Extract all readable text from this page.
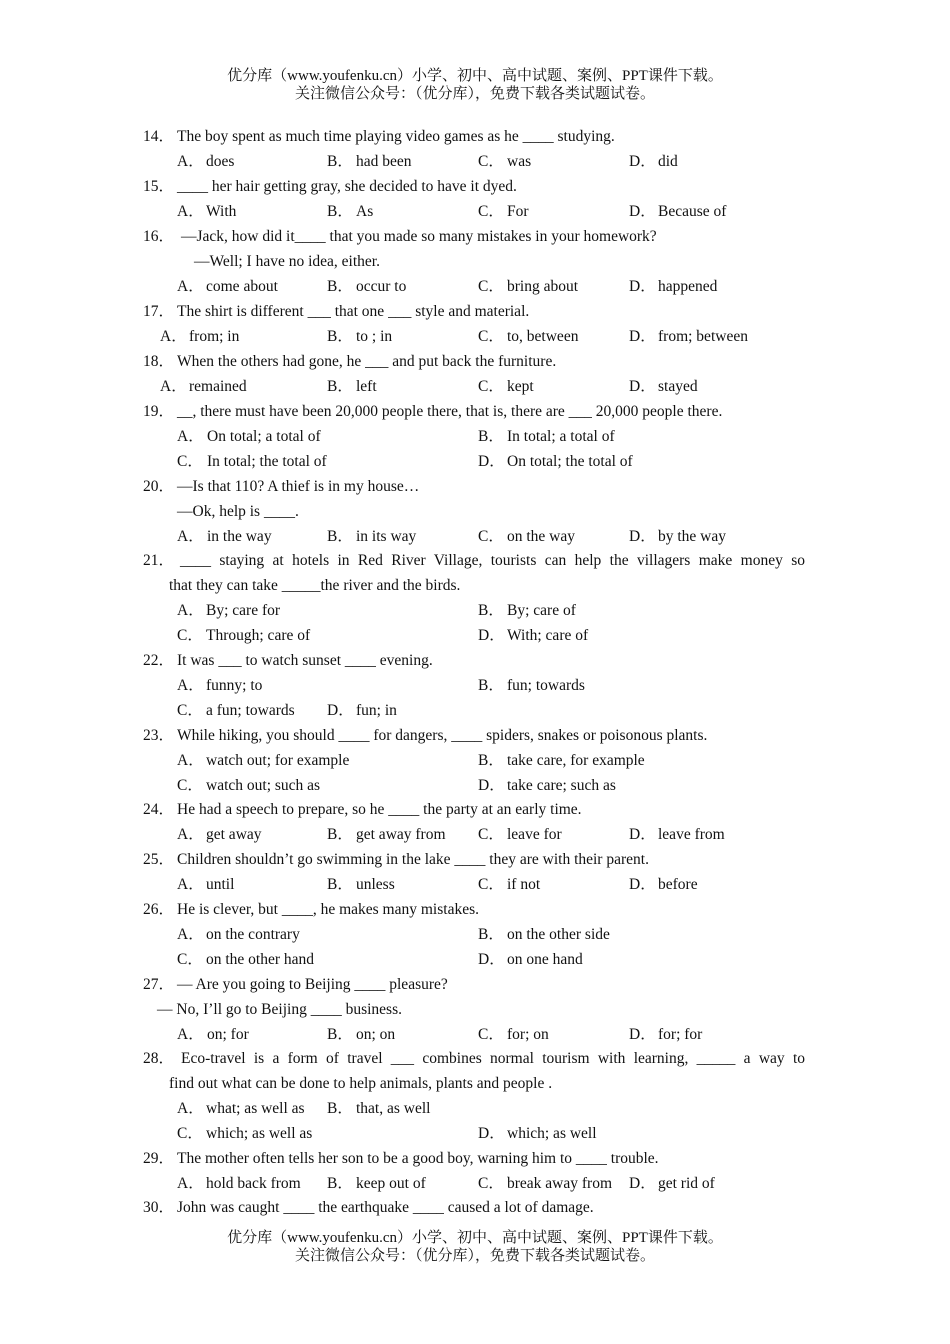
优分库（www.youfenku.cn）小学、初中、高中试题、案例、PPT课件下载。
关注微信公众号：（优分库），免费下载各类试题试卷。
14． The boy spent as much time playing video games as he ____ studying.
A． does	B． had been	C． was	D． did
15． ____ her hair getting gray, she decided to have it dyed.
A． With	B． As	C． For	D． Because of
16． —Jack, how did it____ that you made so many mistakes in your homework?
—Well; I have no idea, either.
A． come about	B． occur to	C． bring about	D． happened
17． The shirt is different ___ that one ___ style and material.
A． from; in	B． to ; in	C． to, between	D． from; between
18． When the others had gone, he ___ and put back the furniture.
A． remained	B． left	C． kept	D． stayed
19． __, there must have been 20,000 people there, that is, there are ___ 20,000 people there.
A． On total; a total of	B． In total; a total of
C． In total; the total of	D． On total; the total of
20． —Is that 110? A thief is in my house…
—Ok, help is ____.
A． in the way	B． in its way	C． on the way	D． by the way
21． ____ staying at hotels in Red River Village, tourists can help the villagers make money so
that they can take _____the river and the birds.
A． By; care for	B． By; care of
C． Through; care of	D． With; care of
22． It was ___ to watch sunset ____ evening.
A． funny; to	B． fun; towards
C． a fun; towards D． fun; in
23． While hiking, you should ____ for dangers, ____ spiders, snakes or poisonous plants.
A． watch out; for example	B． take care, for example
C． watch out; such as	D． take care; such as
24． He had a speech to prepare, so he ____ the party at an early time.
A． get away	B． get away from C． leave for	D． leave from
25． Children shouldn’t go swimming in the lake ____ they are with their parent.
A． until	B． unless	C． if not	D． before
26． He is clever, but ____, he makes many mistakes.
A． on the contrary	B． on the other side
C． on the other hand	D． on one hand
27． — Are you going to Beijing ____ pleasure?
— No, I’ll go to Beijing ____ business.
A． on; for	B． on; on	C． for; on	D． for; for
28． Eco-travel is a form of travel ___ combines normal tourism with learning, _____ a way to
find out what can be done to help animals, plants and people .
A． what; as well as B． that, as well
C． which; as well as	D． which; as well
29． The mother often tells her son to be a good boy, warning him to ____ trouble.
A． hold back from B． keep out of	C． break away from D． get rid of
30． John was caught ____ the earthquake ____ caused a lot of damage.
优分库（www.youfenku.cn）小学、初中、高中试题、案例、PPT课件下载。
关注微信公众号：（优分库），免费下载各类试题试卷。
